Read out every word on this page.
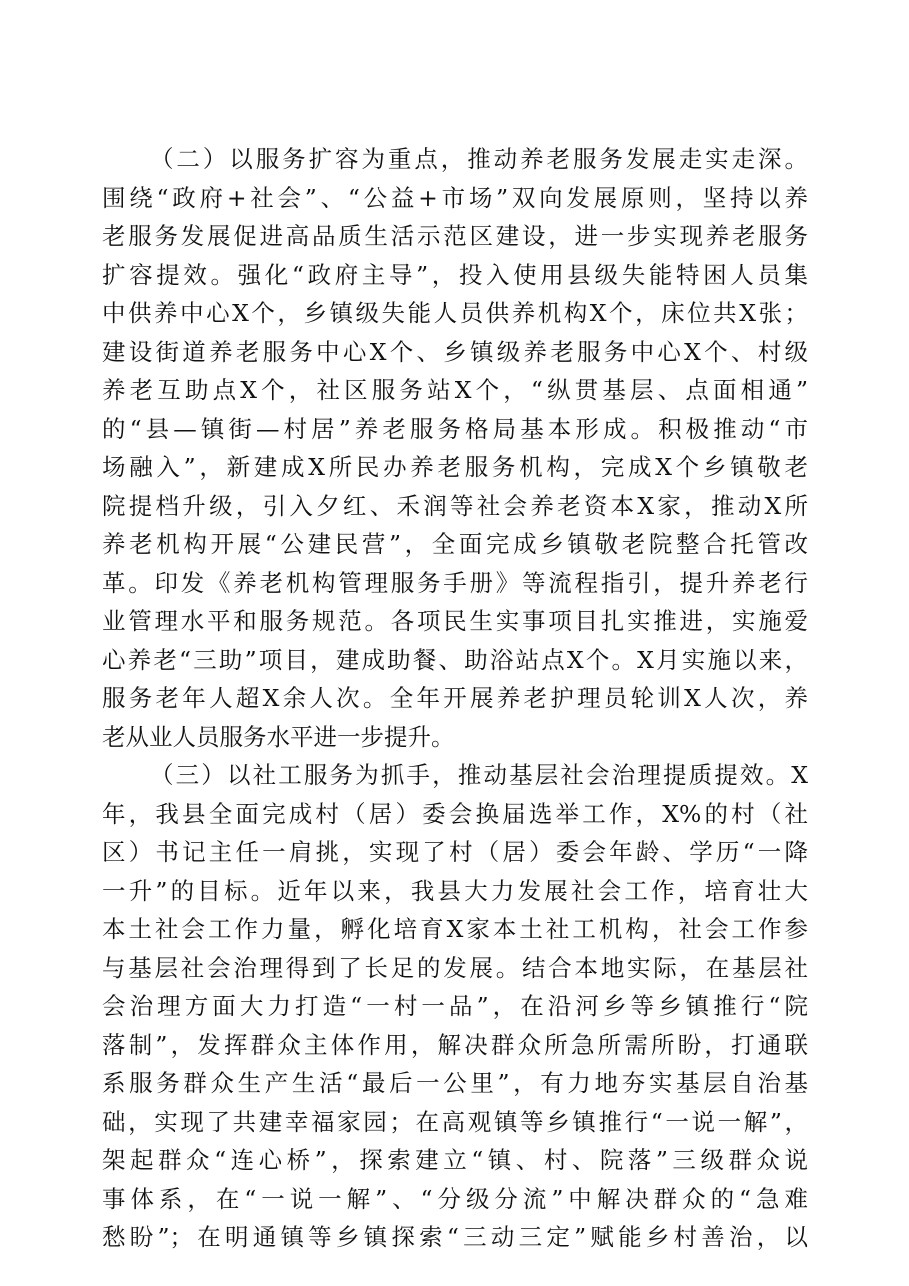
（二）以服务扩容为重点，推动养老服务发展走实走深。
围绕“政府+社会”、“公益+市场”双向发展原则，坚持以养
老服务发展促进高品质生活示范区建设，进一步实现养老服务
扩容提效。强化“政府主导”，投入使用县级失能特困人员集
中供养中心X个，乡镇级失能人员供养机构X个，床位共X张；
建设街道养老服务中心X个、乡镇级养老服务中心X个、村级
养老互助点X个，社区服务站X个，“纵贯基层、点面相通”
的“县—镇街—村居”养老服务格局基本形成。积极推动“市
场融入”，新建成X所民办养老服务机构，完成X个乡镇敬老
院提档升级，引入夕红、禾润等社会养老资本X家，推动X所
养老机构开展“公建民营”，全面完成乡镇敬老院整合托管改
革。印发《养老机构管理服务手册》等流程指引，提升养老行
业管理水平和服务规范。各项民生实事项目扎实推进，实施爱
心养老“三助”项目，建成助餐、助浴站点X个。X月实施以来，
服务老年人超X余人次。全年开展养老护理员轮训X人次，养
老从业人员服务水平进一步提升。
（三）以社工服务为抓手，推动基层社会治理提质提效。X
年，我县全面完成村（居）委会换届选举工作，X%的村（社
区）书记主任一肩挑，实现了村（居）委会年龄、学历“一降
一升”的目标。近年以来，我县大力发展社会工作，培育壮大
本土社会工作力量，孵化培育X家本土社工机构，社会工作参
与基层社会治理得到了长足的发展。结合本地实际，在基层社
会治理方面大力打造“一村一品”，在沿河乡等乡镇推行“院
落制”，发挥群众主体作用，解决群众所急所需所盼，打通联
系服务群众生产生活“最后一公里”，有力地夯实基层自治基
础，实现了共建幸福家园；在高观镇等乡镇推行“一说一解”，
架起群众“连心桥”，探索建立“镇、村、院落”三级群众说
事体系，在“一说一解”、“分级分流”中解决群众的“急难
愁盼”；在明通镇等乡镇探索“三动三定”赋能乡村善治，以
